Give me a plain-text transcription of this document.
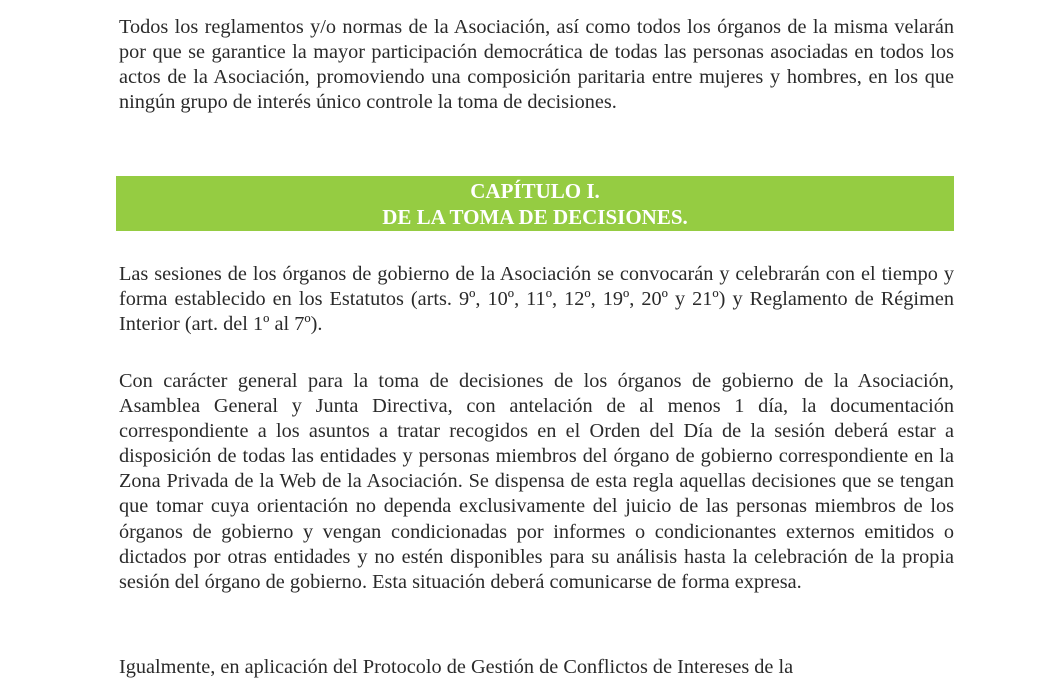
Todos los reglamentos y/o normas de la Asociación, así como todos los órganos de la misma velarán por que se garantice la mayor participación democrática de todas las personas asociadas en todos los actos de la Asociación, promoviendo una composición paritaria entre mujeres y hombres, en los que ningún grupo de interés único controle la toma de decisiones.

CAPÍTULO I.
DE LA TOMA DE DECISIONES.

Las sesiones de los órganos de gobierno de la Asociación se convocarán y celebrarán con el tiempo y forma establecido en los Estatutos (arts. 9º, 10º, 11º, 12º, 19º, 20º y 21º) y Reglamento de Régimen Interior (art. del 1º al 7º).

Con carácter general para la toma de decisiones de los órganos de gobierno de la Asociación, Asamblea General y Junta Directiva, con antelación de al menos 1 día, la documentación correspondiente a los asuntos a tratar recogidos en el Orden del Día de la sesión deberá estar a disposición de todas las entidades y personas miembros del órgano de gobierno correspondiente en la Zona Privada de la Web de la Asociación. Se dispensa de esta regla aquellas decisiones que se tengan que tomar cuya orientación no dependa exclusivamente del juicio de las personas miembros de los órganos de gobierno y vengan condicionadas por informes o condicionantes externos emitidos o dictados por otras entidades y no estén disponibles para su análisis hasta la celebración de la propia sesión del órgano de gobierno. Esta situación deberá comunicarse de forma expresa.

Igualmente, en aplicación del Protocolo de Gestión de Conflictos de Intereses de la
